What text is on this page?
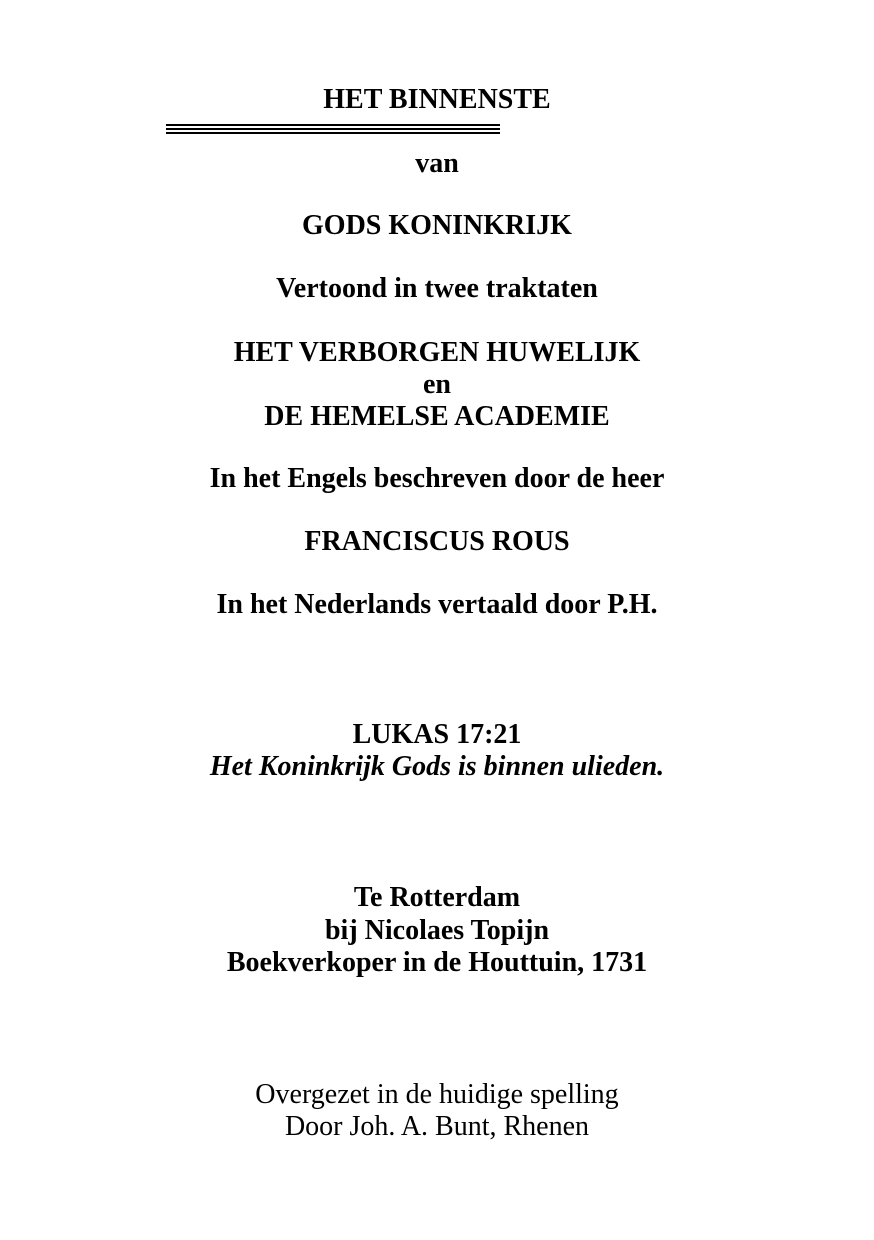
HET BINNENSTE
van
GODS KONINKRIJK
Vertoond in twee traktaten
HET VERBORGEN HUWELIJK
en
DE HEMELSE ACADEMIE
In het Engels beschreven door de heer
FRANCISCUS ROUS
In het Nederlands vertaald door P.H.
LUKAS 17:21
Het Koninkrijk Gods is binnen ulieden.
Te Rotterdam
bij Nicolaes Topijn
Boekverkoper in de Houttuin, 1731
Overgezet in de huidige spelling
Door Joh. A. Bunt, Rhenen
